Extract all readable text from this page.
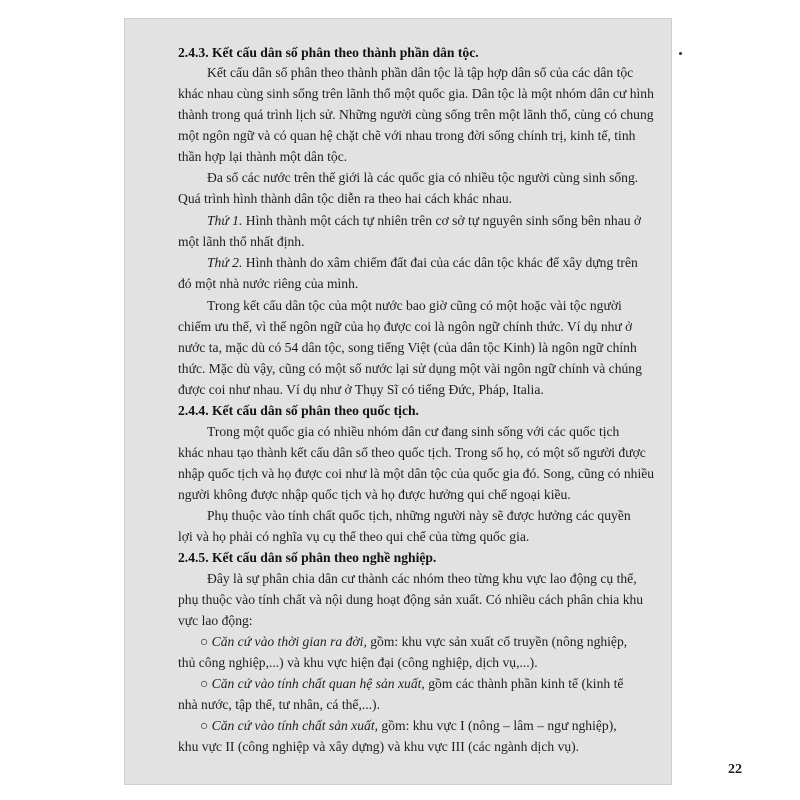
2.4.3. Kết cấu dân số phân theo thành phần dân tộc.
Kết cấu dân số phân theo thành phần dân tộc là tập hợp dân số của các dân tộc
khác nhau cùng sinh sống trên lãnh thổ một quốc gia. Dân tộc là một nhóm dân cư hình
thành trong quá trình lịch sử. Những người cùng sống trên một lãnh thổ, cùng có chung
một ngôn ngữ và có quan hệ chặt chẽ với nhau trong đời sống chính trị, kinh tế, tinh
thần hợp lại thành một dân tộc.
Đa số các nước trên thế giới là các quốc gia có nhiều tộc người cùng sinh sống.
Quá trình hình thành dân tộc diễn ra theo hai cách khác nhau.
Thứ 1. Hình thành một cách tự nhiên trên cơ sở tự nguyên sinh sống bên nhau ở
một lãnh thổ nhất định.
Thứ 2. Hình thành do xâm chiếm đất đai của các dân tộc khác để xây dựng trên
đó một nhà nước riêng của mình.
Trong kết cấu dân tộc của một nước bao giờ cũng có một hoặc vài tộc người
chiếm ưu thế, vì thế ngôn ngữ của họ được coi là ngôn ngữ chính thức. Ví dụ như ở
nước ta, mặc dù có 54 dân tộc, song tiếng Việt (của dân tộc Kinh) là ngôn ngữ chính
thức. Mặc dù vậy, cũng có một số nước lại sử dụng một vài ngôn ngữ chính và chúng
được coi như nhau. Ví dụ như ở Thụy Sĩ có tiếng Đức, Pháp, Italia.
2.4.4. Kết cấu dân số phân theo quốc tịch.
Trong một quốc gia có nhiều nhóm dân cư đang sinh sống với các quốc tịch
khác nhau tạo thành kết cấu dân số theo quốc tịch. Trong số họ, có một số người được
nhập quốc tịch và họ được coi như là một dân tộc của quốc gia đó. Song, cũng có nhiều
người không được nhập quốc tịch và họ được hưởng qui chế ngoại kiều.
Phụ thuộc vào tính chất quốc tịch, những người này sẽ được hưởng các quyền
lợi và họ phải có nghĩa vụ cụ thể theo qui chế của từng quốc gia.
2.4.5. Kết cấu dân số phân theo nghề nghiệp.
Đây là sự phân chia dân cư thành các nhóm theo từng khu vực lao động cụ thể,
phụ thuộc vào tính chất và nội dung hoạt động sản xuất. Có nhiều cách phân chia khu
vực lao động:
○ Căn cứ vào thời gian ra đời, gồm: khu vực sản xuất cổ truyền (nông nghiệp,
thủ công nghiệp,...) và khu vực hiện đại (công nghiệp, dịch vụ,...).
○ Căn cứ vào tính chất quan hệ sản xuất, gồm các thành phần kinh tế (kinh tế
nhà nước, tập thể, tư nhân, cá thể,...).
○ Căn cứ vào tính chất sản xuất, gồm: khu vực I (nông – lâm – ngư nghiệp),
khu vực II (công nghiệp và xây dựng) và khu vực III (các ngành dịch vụ).
22
